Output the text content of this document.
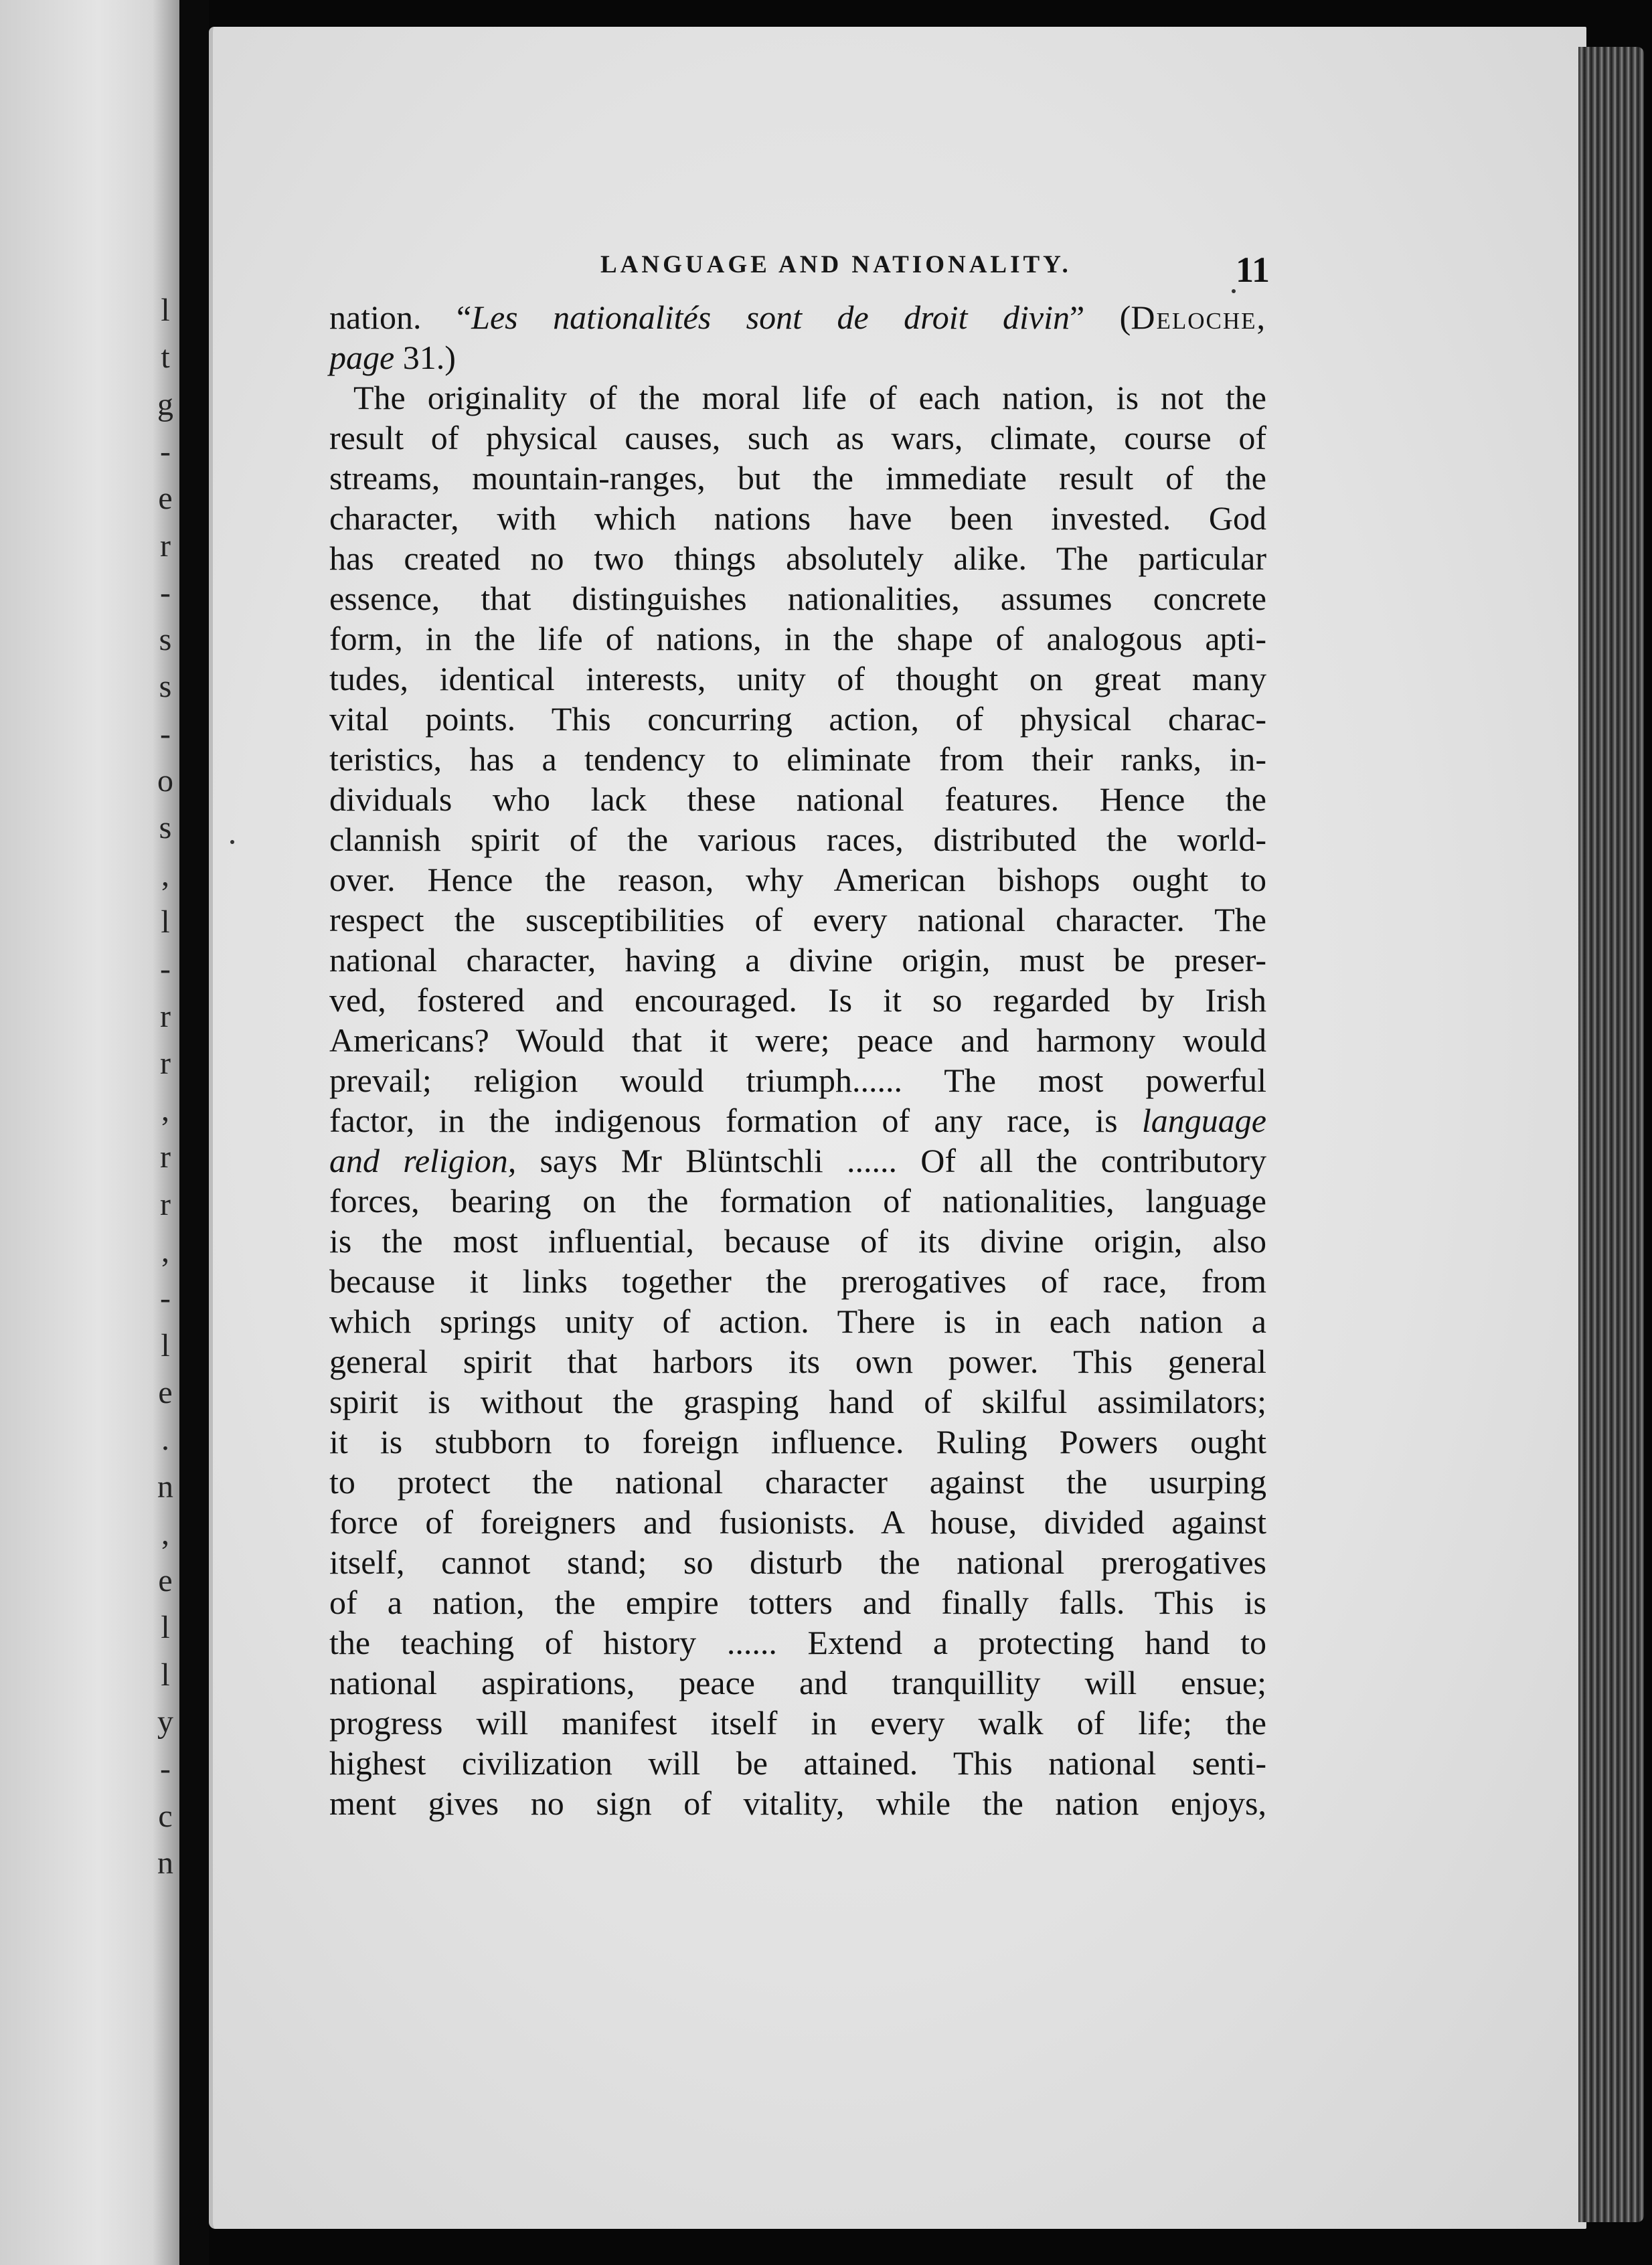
l
t
g
-
e
r
-
s
s
-
o
s
,
l
-
r
r
,
r
r
,
-
l
e
.
n
,
e
l
l
y
-
c
n
LANGUAGE AND NATIONALITY.	11
nation. “Les nationalités sont de droit divin” (Deloche,
page 31.)
The originality of the moral life of each nation, is not the
result of physical causes, such as wars, climate, course of
streams, mountain-ranges, but the immediate result of the
character, with which nations have been invested. God
has created no two things absolutely alike. The particular
essence, that distinguishes nationalities, assumes concrete
form, in the life of nations, in the shape of analogous apti-
tudes, identical interests, unity of thought on great many
vital points. This concurring action, of physical charac-
teristics, has a tendency to eliminate from their ranks, in-
dividuals who lack these national features. Hence the
clannish spirit of the various races, distributed the world-
over. Hence the reason, why American bishops ought to
respect the susceptibilities of every national character. The
national character, having a divine origin, must be preser-
ved, fostered and encouraged. Is it so regarded by Irish
Americans? Would that it were; peace and harmony would
prevail; religion would triumph...... The most powerful
factor, in the indigenous formation of any race, is language
and religion, says Mr Blüntschli ...... Of all the contributory
forces, bearing on the formation of nationalities, language
is the most influential, because of its divine origin, also
because it links together the prerogatives of race, from
which springs unity of action. There is in each nation a
general spirit that harbors its own power. This general
spirit is without the grasping hand of skilful assimilators;
it is stubborn to foreign influence. Ruling Powers ought
to protect the national character against the usurping
force of foreigners and fusionists. A house, divided against
itself, cannot stand; so disturb the national prerogatives
of a nation, the empire totters and finally falls. This is
the teaching of history ...... Extend a protecting hand to
national aspirations, peace and tranquillity will ensue;
progress will manifest itself in every walk of life; the
highest civilization will be attained. This national senti-
ment gives no sign of vitality, while the nation enjoys,
